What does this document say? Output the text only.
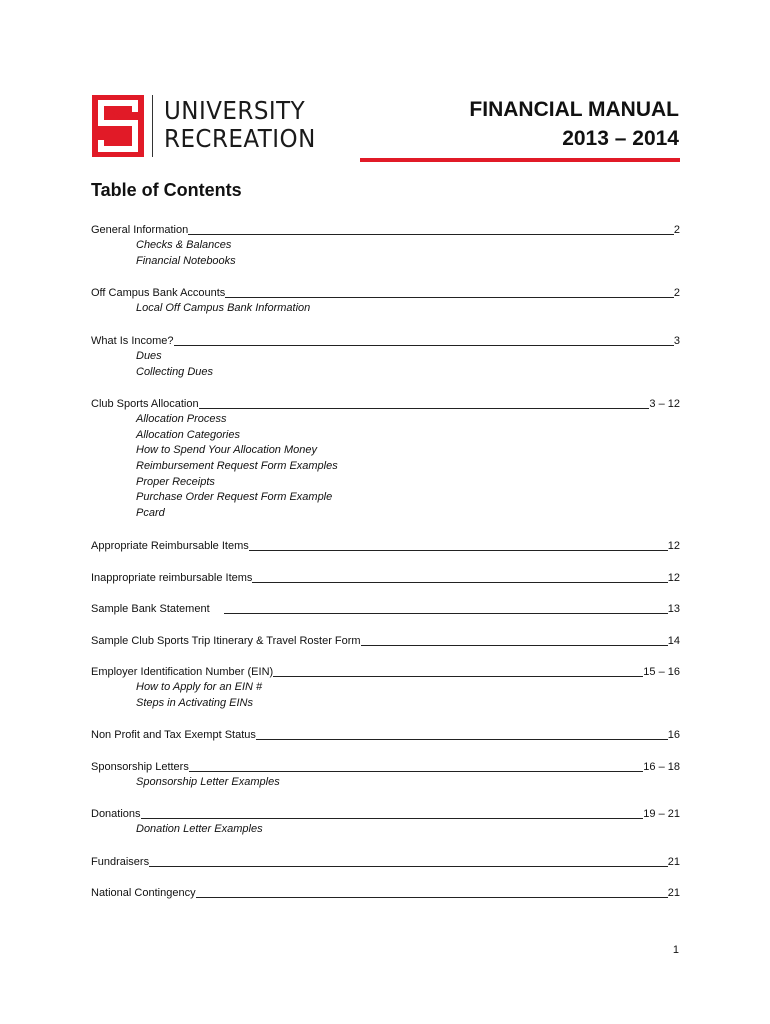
UNIVERSITY
RECREATION
FINANCIAL MANUAL
2013 – 2014
Table of Contents
General Information	2
Checks & Balances
Financial Notebooks
Off Campus Bank Accounts	2
Local Off Campus Bank Information
What Is Income?	3
Dues
Collecting Dues
Club Sports Allocation	3 – 12
Allocation Process
Allocation Categories
How to Spend Your Allocation Money
Reimbursement Request Form Examples
Proper Receipts
Purchase Order Request Form Example
Pcard
Appropriate Reimbursable Items	12
Inappropriate reimbursable Items	12
Sample Bank Statement	13
Sample Club Sports Trip Itinerary & Travel Roster Form	14
Employer Identification Number (EIN)	15 – 16
How to Apply for an EIN #
Steps in Activating EINs
Non Profit and Tax Exempt Status	16
Sponsorship Letters	16 – 18
Sponsorship Letter Examples
Donations	19 – 21
Donation Letter Examples
Fundraisers	21
National Contingency	21
1
